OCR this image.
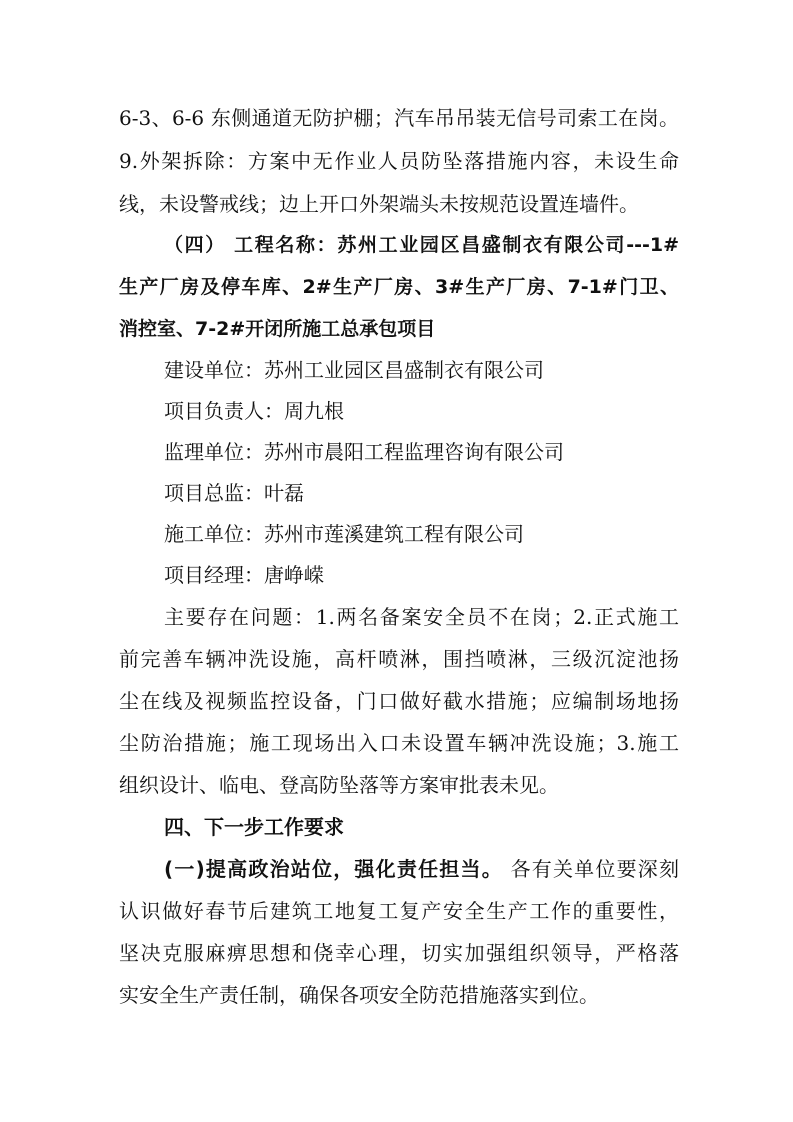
6-3、6-6 东侧通道无防护棚；汽车吊吊装无信号司索工在岗。
9.外架拆除：方案中无作业人员防坠落措施内容，未设生命
线，未设警戒线；边上开口外架端头未按规范设置连墙件。
（四） 工程名称：苏州工业园区昌盛制衣有限公司---1#
生产厂房及停车库、2#生产厂房、3#生产厂房、7-1#门卫、
消控室、7-2#开闭所施工总承包项目
建设单位：苏州工业园区昌盛制衣有限公司
项目负责人：周九根
监理单位：苏州市晨阳工程监理咨询有限公司
项目总监：叶磊
施工单位：苏州市莲溪建筑工程有限公司
项目经理：唐峥嵘
主要存在问题：1.两名备案安全员不在岗；2.正式施工
前完善车辆冲洗设施，高杆喷淋，围挡喷淋，三级沉淀池扬
尘在线及视频监控设备，门口做好截水措施；应编制场地扬
尘防治措施；施工现场出入口未设置车辆冲洗设施；3.施工
组织设计、临电、登高防坠落等方案审批表未见。
四、下一步工作要求
(一)提高政治站位，强化责任担当。 各有关单位要深刻
认识做好春节后建筑工地复工复产安全生产工作的重要性，
坚决克服麻痹思想和侥幸心理，切实加强组织领导，严格落
实安全生产责任制，确保各项安全防范措施落实到位。
